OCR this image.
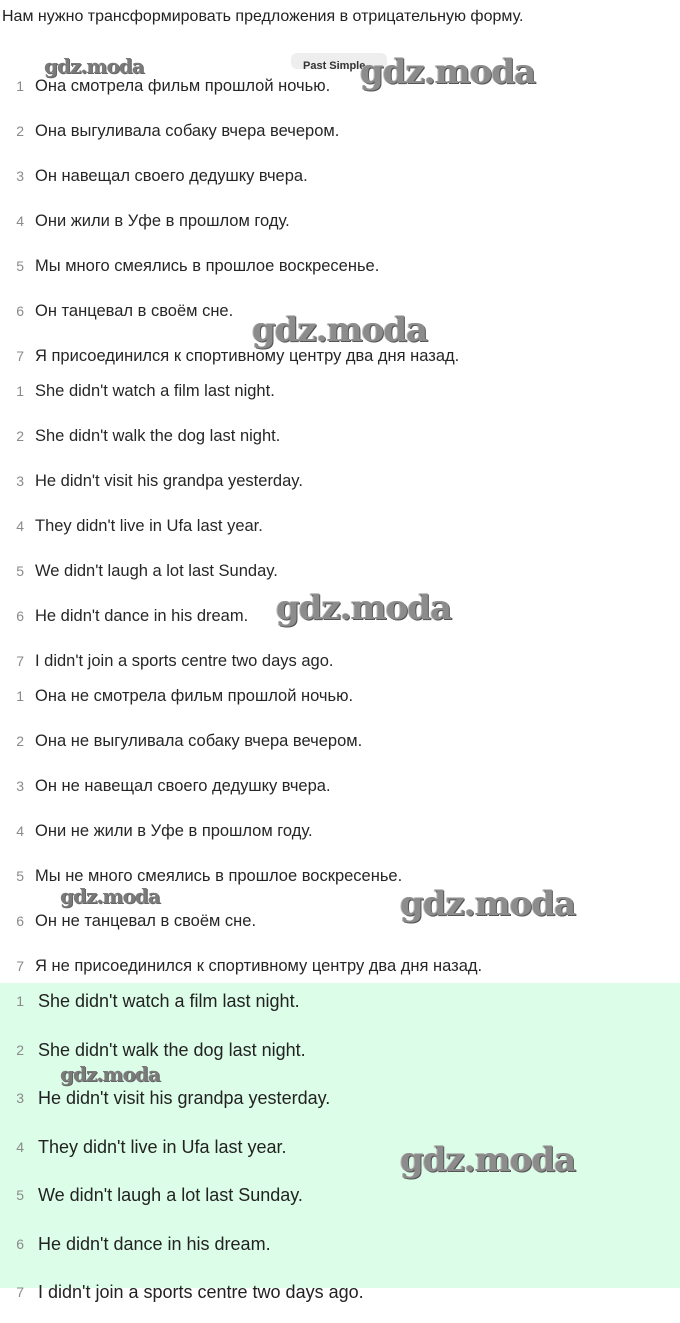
Нам нужно трансформировать предложения в отрицательную форму.
Past Simple
1 Она смотрела фильм прошлой ночью.
2 Она выгуливала собаку вчера вечером.
3 Он навещал своего дедушку вчера.
4 Они жили в Уфе в прошлом году.
5 Мы много смеялись в прошлое воскресенье.
6 Он танцевал в своём сне.
7 Я присоединился к спортивному центру два дня назад.
1 She didn't watch a film last night.
2 She didn't walk the dog last night.
3 He didn't visit his grandpa yesterday.
4 They didn't live in Ufa last year.
5 We didn't laugh a lot last Sunday.
6 He didn't dance in his dream.
7 I didn't join a sports centre two days ago.
1 Она не смотрела фильм прошлой ночью.
2 Она не выгуливала собаку вчера вечером.
3 Он не навещал своего дедушку вчера.
4 Они не жили в Уфе в прошлом году.
5 Мы не много смеялись в прошлое воскресенье.
6 Он не танцевал в своём сне.
7 Я не присоединился к спортивному центру два дня назад.
1 She didn't watch a film last night.
2 She didn't walk the dog last night.
3 He didn't visit his grandpa yesterday.
4 They didn't live in Ufa last year.
5 We didn't laugh a lot last Sunday.
6 He didn't dance in his dream.
7 I didn't join a sports centre two days ago.
gdz.moda	gdz.moda
gdz.moda
gdz.moda
gdz.moda	gdz.moda
gdz.moda
gdz.moda
